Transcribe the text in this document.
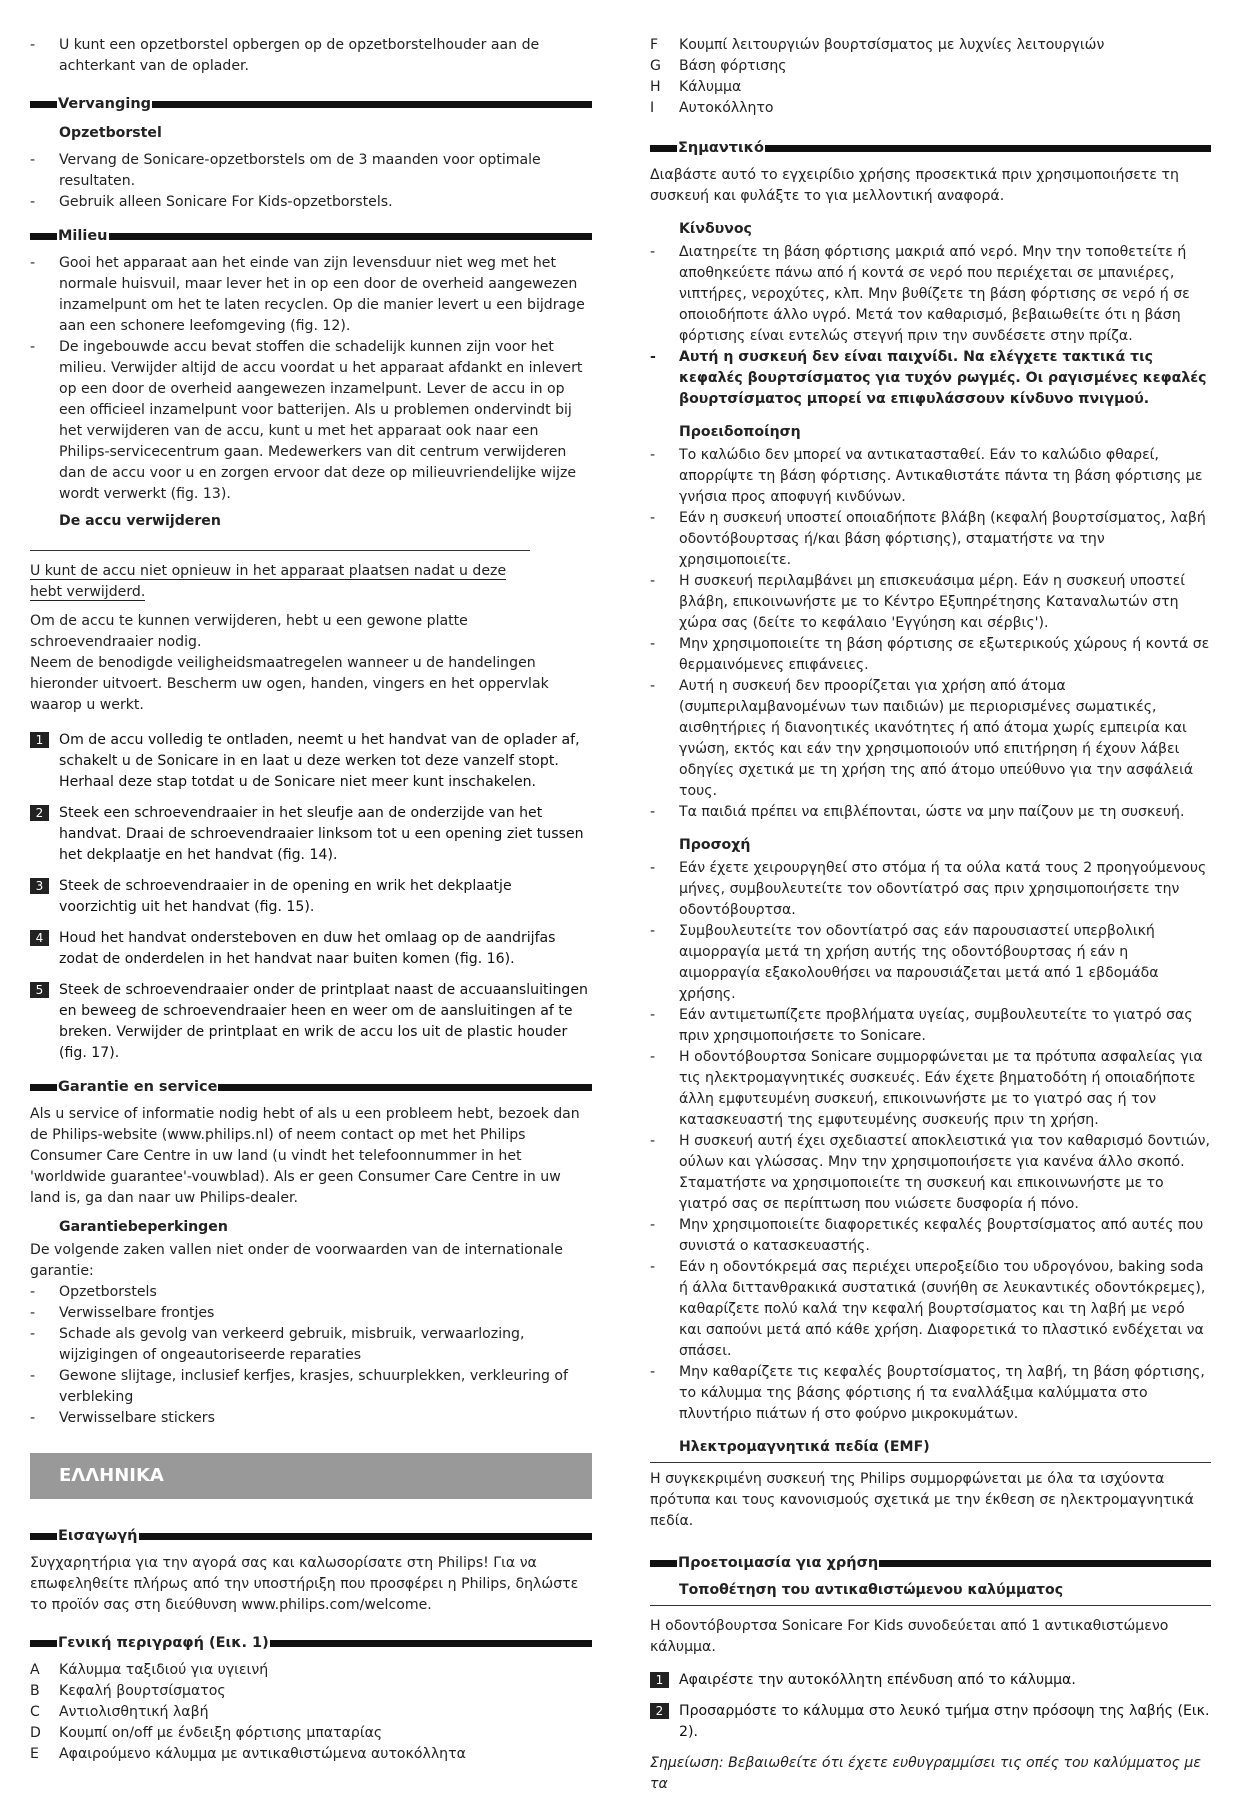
- U kunt een opzetborstel opbergen op de opzetborstelhouder aan de achterkant van de oplader.
Vervanging
Opzetborstel
- Vervang de Sonicare-opzetborstels om de 3 maanden voor optimale resultaten.
- Gebruik alleen Sonicare For Kids-opzetborstels.
Milieu
- Gooi het apparaat aan het einde van zijn levensduur niet weg met het normale huisvuil, maar lever het in op een door de overheid aangewezen inzamelpunt om het te laten recyclen. Op die manier levert u een bijdrage aan een schonere leefomgeving (fig. 12).
- De ingebouwde accu bevat stoffen die schadelijk kunnen zijn voor het milieu. Verwijder altijd de accu voordat u het apparaat afdankt en inlevert op een door de overheid aangewezen inzamelpunt. Lever de accu in op een officieel inzamelpunt voor batterijen. Als u problemen ondervindt bij het verwijderen van de accu, kunt u met het apparaat ook naar een Philips-servicecentrum gaan. Medewerkers van dit centrum verwijderen dan de accu voor u en zorgen ervoor dat deze op milieuvriendelijke wijze wordt verwerkt (fig. 13).
De accu verwijderen
U kunt de accu niet opnieuw in het apparaat plaatsen nadat u deze hebt verwijderd.

Om de accu te kunnen verwijderen, hebt u een gewone platte schroevendraaier nodig.

Neem de benodigde veiligheidsmaatregelen wanneer u de handelingen hieronder uitvoert. Bescherm uw ogen, handen, vingers en het oppervlak waarop u werkt.

1	Om de accu volledig te ontladen, neemt u het handvat van de oplader af, schakelt u de Sonicare in en laat u deze werken tot deze vanzelf stopt. Herhaal deze stap totdat u de Sonicare niet meer kunt inschakelen.
2	Steek een schroevendraaier in het sleufje aan de onderzijde van het handvat. Draai de schroevendraaier linksom tot u een opening ziet tussen het dekplaatje en het handvat (fig. 14).
3	Steek de schroevendraaier in de opening en wrik het dekplaatje voorzichtig uit het handvat (fig. 15).
4	Houd het handvat ondersteboven en duw het omlaag op de aandrijfas zodat de onderdelen in het handvat naar buiten komen (fig. 16).
5	Steek de schroevendraaier onder de printplaat naast de accuaansluitingen en beweeg de schroevendraaier heen en weer om de aansluitingen af te breken. Verwijder de printplaat en wrik de accu los uit de plastic houder (fig. 17).
Garantie en service

Als u service of informatie nodig hebt of als u een probleem hebt, bezoek dan de Philips-website (www.philips.nl) of neem contact op met het Philips Consumer Care Centre in uw land (u vindt het telefoonnummer in het 'worldwide guarantee'-vouwblad). Als er geen Consumer Care Centre in uw land is, ga dan naar uw Philips-dealer.

Garantiebeperkingen

De volgende zaken vallen niet onder de voorwaarden van de internationale garantie:

- Opzetborstels
- Verwisselbare frontjes
- Schade als gevolg van verkeerd gebruik, misbruik, verwaarlozing, wijzigingen of ongeautoriseerde reparaties
- Gewone slijtage, inclusief kerfjes, krasjes, schuurplekken, verkleuring of verbleking
- Verwisselbare stickers
ΕΛΛΗΝΙΚΑ
Εισαγωγή

Συγχαρητήρια για την αγορά σας και καλωσορίσατε στη Philips! Για να επωφεληθείτε πλήρως από την υποστήριξη που προσφέρει η Philips, δηλώστε το προϊόν σας στη διεύθυνση www.philips.com/welcome.

Γενική περιγραφή (Εικ. 1)
A Κάλυμμα ταξιδιού για υγιεινή
B Κεφαλή βουρτσίσματος
C Αντιολισθητική λαβή
D Κουμπί on/off με ένδειξη φόρτισης μπαταρίας
E Αφαιρούμενο κάλυμμα με αντικαθιστώμενα αυτοκόλλητα
F Κουμπί λειτουργιών βουρτσίσματος με λυχνίες λειτουργιών
G Βάση φόρτισης
H Κάλυμμα
I Αυτοκόλλητο
Σημαντικό

Διαβάστε αυτό το εγχειρίδιο χρήσης προσεκτικά πριν χρησιμοποιήσετε τη συσκευή και φυλάξτε το για μελλοντική αναφορά.

Κίνδυνος
- Διατηρείτε τη βάση φόρτισης μακριά από νερό. Μην την τοποθετείτε ή αποθηκεύετε πάνω από ή κοντά σε νερό που περιέχεται σε μπανιέρες, νιπτήρες, νεροχύτες, κλπ. Μην βυθίζετε τη βάση φόρτισης σε νερό ή σε οποιοδήποτε άλλο υγρό. Μετά τον καθαρισμό, βεβαιωθείτε ότι η βάση φόρτισης είναι εντελώς στεγνή πριν την συνδέσετε στην πρίζα.
- Αυτή η συσκευή δεν είναι παιχνίδι. Να ελέγχετε τακτικά τις κεφαλές βουρτσίσματος για τυχόν ρωγμές. Οι ραγισμένες κεφαλές βουρτσίσματος μπορεί να επιφυλάσσουν κίνδυνο πνιγμού.
Προειδοποίηση
- Το καλώδιο δεν μπορεί να αντικατασταθεί. Εάν το καλώδιο φθαρεί, απορρίψτε τη βάση φόρτισης. Αντικαθιστάτε πάντα τη βάση φόρτισης με γνήσια προς αποφυγή κινδύνων.
- Εάν η συσκευή υποστεί οποιαδήποτε βλάβη (κεφαλή βουρτσίσματος, λαβή οδοντόβουρτσας ή/και βάση φόρτισης), σταματήστε να την χρησιμοποιείτε.
- Η συσκευή περιλαμβάνει μη επισκευάσιμα μέρη. Εάν η συσκευή υποστεί βλάβη, επικοινωνήστε με το Κέντρο Εξυπηρέτησης Καταναλωτών στη χώρα σας (δείτε το κεφάλαιο 'Εγγύηση και σέρβις').
- Μην χρησιμοποιείτε τη βάση φόρτισης σε εξωτερικούς χώρους ή κοντά σε θερμαινόμενες επιφάνειες.
- Αυτή η συσκευή δεν προορίζεται για χρήση από άτομα (συμπεριλαμβανομένων των παιδιών) με περιορισμένες σωματικές, αισθητήριες ή διανοητικές ικανότητες ή από άτομα χωρίς εμπειρία και γνώση, εκτός και εάν την χρησιμοποιούν υπό επιτήρηση ή έχουν λάβει οδηγίες σχετικά με τη χρήση της από άτομο υπεύθυνο για την ασφάλειά τους.
- Τα παιδιά πρέπει να επιβλέπονται, ώστε να μην παίζουν με τη συσκευή.
Προσοχή
- Εάν έχετε χειρουργηθεί στο στόμα ή τα ούλα κατά τους 2 προηγούμενους μήνες, συμβουλευτείτε τον οδοντίατρό σας πριν χρησιμοποιήσετε την οδοντόβουρτσα.
- Συμβουλευτείτε τον οδοντίατρό σας εάν παρουσιαστεί υπερβολική αιμορραγία μετά τη χρήση αυτής της οδοντόβουρτσας ή εάν η αιμορραγία εξακολουθήσει να παρουσιάζεται μετά από 1 εβδομάδα χρήσης.
- Εάν αντιμετωπίζετε προβλήματα υγείας, συμβουλευτείτε το γιατρό σας πριν χρησιμοποιήσετε το Sonicare.
- Η οδοντόβουρτσα Sonicare συμμορφώνεται με τα πρότυπα ασφαλείας για τις ηλεκτρομαγνητικές συσκευές. Εάν έχετε βηματοδότη ή οποιαδήποτε άλλη εμφυτευμένη συσκευή, επικοινωνήστε με το γιατρό σας ή τον κατασκευαστή της εμφυτευμένης συσκευής πριν τη χρήση.
- Η συσκευή αυτή έχει σχεδιαστεί αποκλειστικά για τον καθαρισμό δοντιών, ούλων και γλώσσας. Μην την χρησιμοποιήσετε για κανένα άλλο σκοπό. Σταματήστε να χρησιμοποιείτε τη συσκευή και επικοινωνήστε με το γιατρό σας σε περίπτωση που νιώσετε δυσφορία ή πόνο.
- Μην χρησιμοποιείτε διαφορετικές κεφαλές βουρτσίσματος από αυτές που συνιστά ο κατασκευαστής.
- Εάν η οδοντόκρεμά σας περιέχει υπεροξείδιο του υδρογόνου, baking soda ή άλλα διττανθρακικά συστατικά (συνήθη σε λευκαντικές οδοντόκρεμες), καθαρίζετε πολύ καλά την κεφαλή βουρτσίσματος και τη λαβή με νερό και σαπούνι μετά από κάθε χρήση. Διαφορετικά το πλαστικό ενδέχεται να σπάσει.
- Μην καθαρίζετε τις κεφαλές βουρτσίσματος, τη λαβή, τη βάση φόρτισης, το κάλυμμα της βάσης φόρτισης ή τα εναλλάξιμα καλύμματα στο πλυντήριο πιάτων ή στο φούρνο μικροκυμάτων.
Ηλεκτρομαγνητικά πεδία (EMF)

Η συγκεκριμένη συσκευή της Philips συμμορφώνεται με όλα τα ισχύοντα πρότυπα και τους κανονισμούς σχετικά με την έκθεση σε ηλεκτρομαγνητικά πεδία.

Προετοιμασία για χρήση
Τοποθέτηση του αντικαθιστώμενου καλύμματος

Η οδοντόβουρτσα Sonicare For Kids συνοδεύεται από 1 αντικαθιστώμενο κάλυμμα.

1	Αφαιρέστε την αυτοκόλλητη επένδυση από το κάλυμμα.
2	Προσαρμόστε το κάλυμμα στο λευκό τμήμα στην πρόσοψη της λαβής (Εικ. 2).

Σημείωση: Βεβαιωθείτε ότι έχετε ευθυγραμμίσει τις οπές του καλύμματος με τα
